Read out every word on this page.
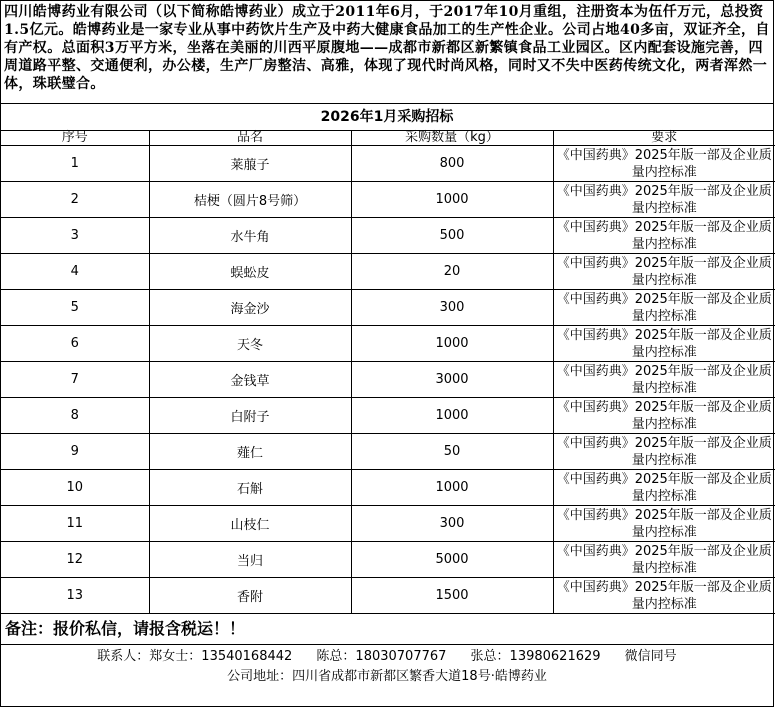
四川皓博药业有限公司（以下简称皓博药业）成立于2011年6月，于2017年10月重组，注册资本为伍仟万元，总投资1.5亿元。皓博药业是一家专业从事中药饮片生产及中药大健康食品加工的生产性企业。公司占地40多亩，双证齐全，自有产权。总面积3万平方米，坐落在美丽的川西平原腹地——成都市新都区新繁镇食品工业园区。区内配套设施完善，四周道路平整、交通便利，办公楼，生产厂房整洁、高雅，体现了现代时尚风格，同时又不失中医药传统文化，两者浑然一体，珠联璧合。
2026年1月采购招标
序号	品名	采购数量（kg）	要求
1	莱菔子	800	《中国药典》2025年版一部及企业质量内控标准
2	桔梗（圆片8号筛）	1000	《中国药典》2025年版一部及企业质量内控标准
3	水牛角	500	《中国药典》2025年版一部及企业质量内控标准
4	蜈蚣皮	20	《中国药典》2025年版一部及企业质量内控标准
5	海金沙	300	《中国药典》2025年版一部及企业质量内控标准
6	天冬	1000	《中国药典》2025年版一部及企业质量内控标准
7	金钱草	3000	《中国药典》2025年版一部及企业质量内控标准
8	白附子	1000	《中国药典》2025年版一部及企业质量内控标准
9	薤仁	50	《中国药典》2025年版一部及企业质量内控标准
10	石斛	1000	《中国药典》2025年版一部及企业质量内控标准
11	山枝仁	300	《中国药典》2025年版一部及企业质量内控标准
12	当归	5000	《中国药典》2025年版一部及企业质量内控标准
13	香附	1500	《中国药典》2025年版一部及企业质量内控标准
备注：报价私信，请报含税运！！
联系人：郑女士：13540168442 陈总：18030707767 张总：13980621629 微信同号
公司地址：四川省成都市新都区繁香大道18号·皓博药业
